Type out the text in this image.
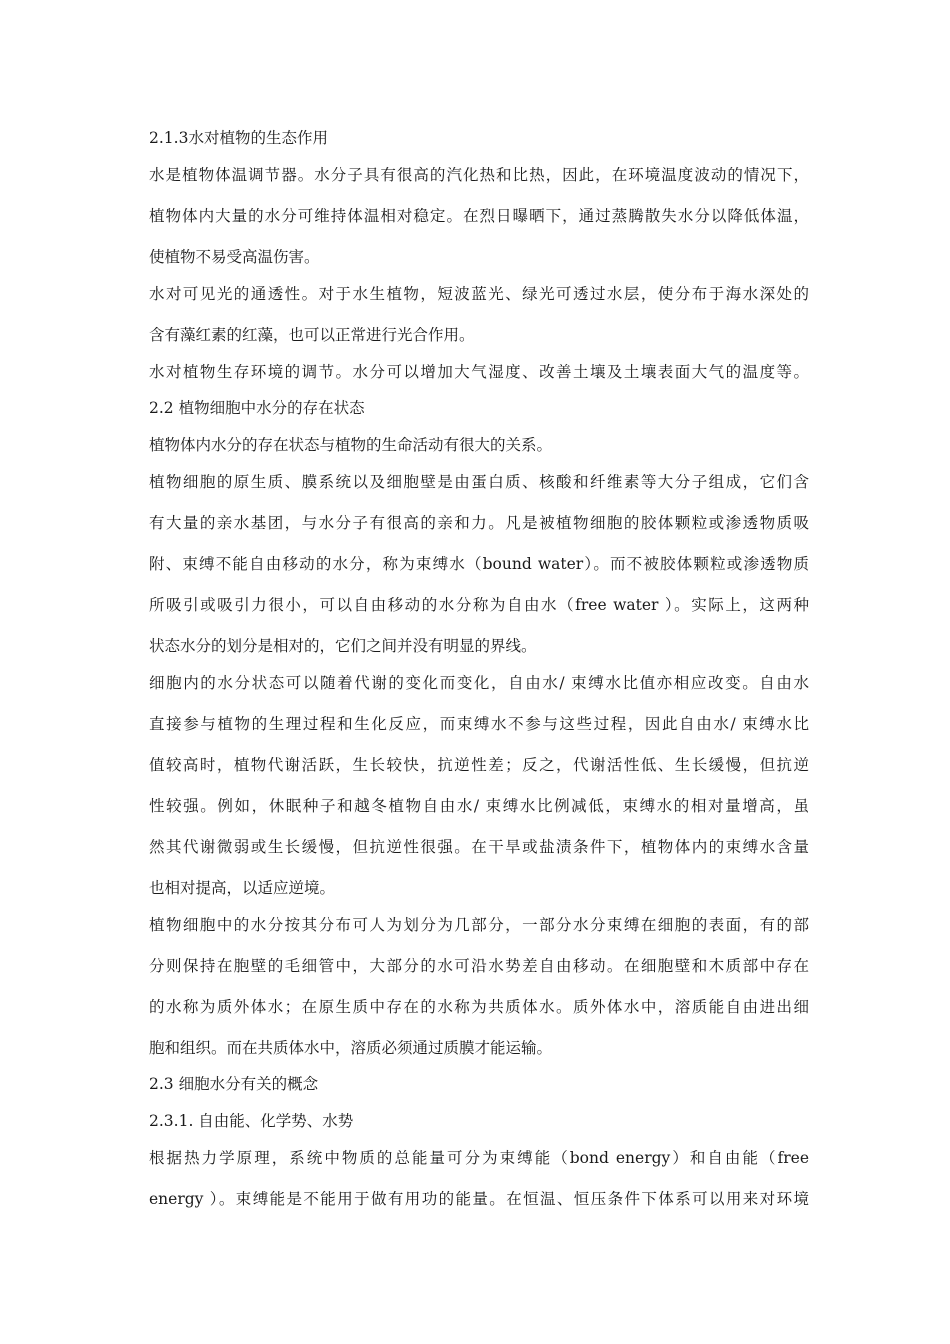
2.1.3水对植物的生态作用
水是植物体温调节器。水分子具有很高的汽化热和比热，因此，在环境温度波动的情况下，
植物体内大量的水分可维持体温相对稳定。在烈日曝晒下，通过蒸腾散失水分以降低体温，
使植物不易受高温伤害。
水对可见光的通透性。对于水生植物，短波蓝光、绿光可透过水层，使分布于海水深处的
含有藻红素的红藻，也可以正常进行光合作用。
水对植物生存环境的调节。水分可以增加大气湿度、改善土壤及土壤表面大气的温度等。
2.2 植物细胞中水分的存在状态
植物体内水分的存在状态与植物的生命活动有很大的关系。
植物细胞的原生质、膜系统以及细胞壁是由蛋白质、核酸和纤维素等大分子组成，它们含
有大量的亲水基团，与水分子有很高的亲和力。凡是被植物细胞的胶体颗粒或渗透物质吸
附、束缚不能自由移动的水分，称为束缚水（bound water）。而不被胶体颗粒或渗透物质
所吸引或吸引力很小，可以自由移动的水分称为自由水（free water ）。实际上，这两种
状态水分的划分是相对的，它们之间并没有明显的界线。
细胞内的水分状态可以随着代谢的变化而变化，自由水/ 束缚水比值亦相应改变。自由水
直接参与植物的生理过程和生化反应，而束缚水不参与这些过程，因此自由水/ 束缚水比
值较高时，植物代谢活跃，生长较快，抗逆性差；反之，代谢活性低、生长缓慢，但抗逆
性较强。例如，休眠种子和越冬植物自由水/ 束缚水比例减低，束缚水的相对量增高，虽
然其代谢微弱或生长缓慢，但抗逆性很强。在干旱或盐渍条件下，植物体内的束缚水含量
也相对提高，以适应逆境。
植物细胞中的水分按其分布可人为划分为几部分，一部分水分束缚在细胞的表面，有的部
分则保持在胞壁的毛细管中，大部分的水可沿水势差自由移动。在细胞壁和木质部中存在
的水称为质外体水；在原生质中存在的水称为共质体水。质外体水中，溶质能自由进出细
胞和组织。而在共质体水中，溶质必须通过质膜才能运输。
2.3 细胞水分有关的概念
2.3.1. 自由能、化学势、水势
根据热力学原理，系统中物质的总能量可分为束缚能（bond energy）和自由能（free
energy ）。束缚能是不能用于做有用功的能量。在恒温、恒压条件下体系可以用来对环境
